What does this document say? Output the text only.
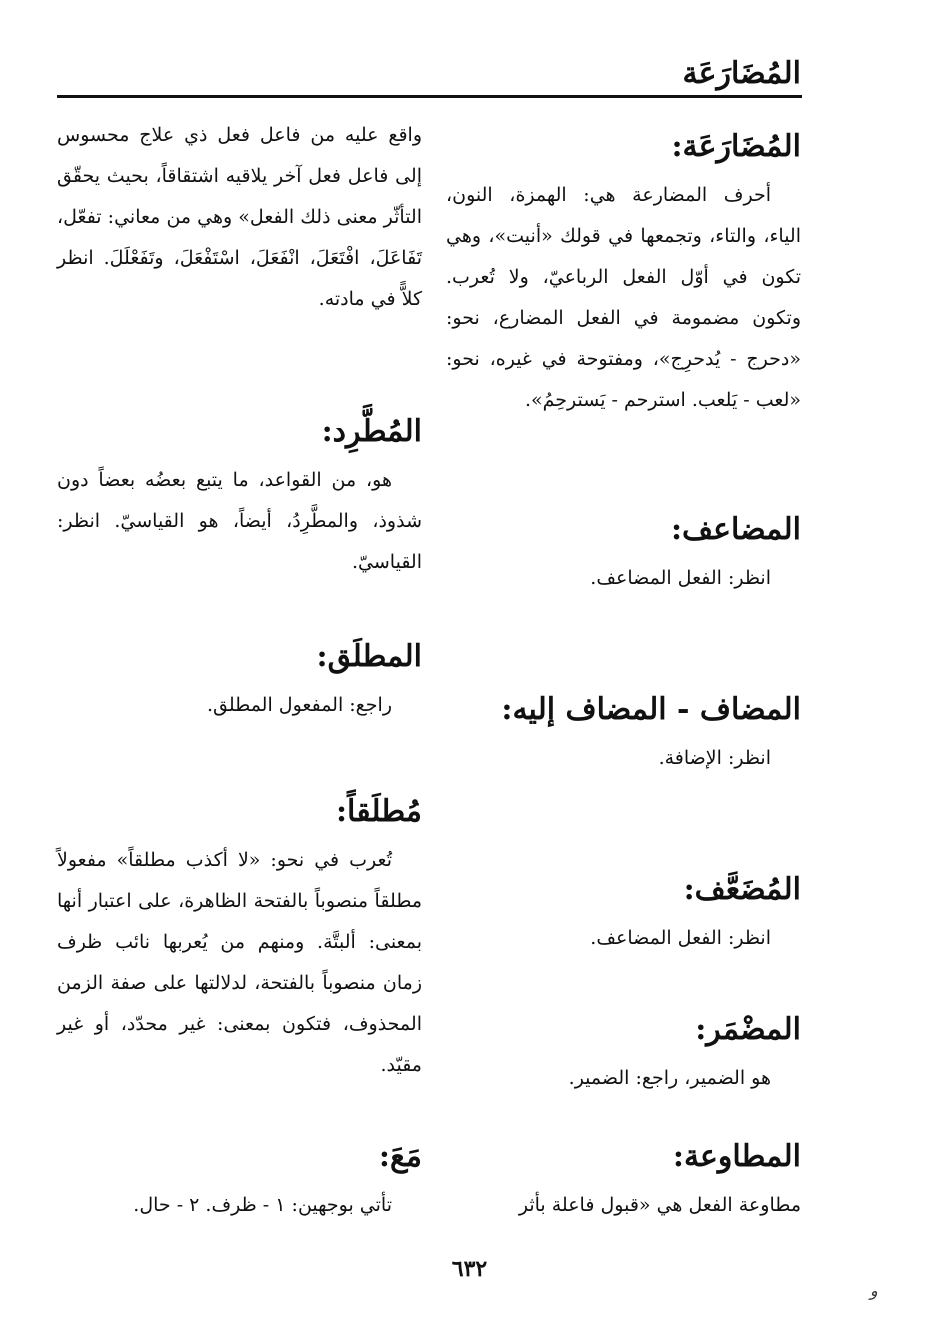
المُضَارَعَة
المُضَارَعَة:
أحرف المضارعة هي: الهمزة، النون، الياء، والتاء، وتجمعها في قولك «أنيت»، وهي تكون في أوّل الفعل الرباعيّ، ولا تُعرب. وتكون مضمومة في الفعل المضارع، نحو: «دحرج - يُدحرِج»، ومفتوحة في غيره، نحو: «لعب - يَلعب. استرحم - يَسترحِمُ».
المضاعف:
انظر: الفعل المضاعف.
المضاف - المضاف إليه:
انظر: الإضافة.
المُضَعَّف:
انظر: الفعل المضاعف.
المضْمَر:
هو الضمير، راجع: الضمير.
المطاوعة:
مطاوعة الفعل هي «قبول فاعلة بأثر
واقع عليه من فاعل فعل ذي علاج محسوس إلى فاعل فعل آخر يلاقيه اشتقاقاً، بحيث يحقّق التأثّر معنى ذلك الفعل» وهي من معاني: تفعّل، تَفَاعَلَ، افْتَعَلَ، انْفَعَلَ، اسْتَفْعَلَ، وتَفَعْلَلَ. انظر كلاًّ في مادته.
المُطَّرِد:
هو، من القواعد، ما يتبع بعضُه بعضاً دون شذوذ، والمطَّرِدُ، أيضاً، هو القياسيّ. انظر: القياسيّ.
المطلَق:
راجع: المفعول المطلق.
مُطلَقاً:
تُعرب في نحو: «لا أكذب مطلقاً» مفعولاً مطلقاً منصوباً بالفتحة الظاهرة، على اعتبار أنها بمعنى: ألبتَّة. ومنهم من يُعربها نائب ظرف زمان منصوباً بالفتحة، لدلالتها على صفة الزمن المحذوف، فتكون بمعنى: غير محدّد، أو غير مقيّد.
مَعَ:
تأتي بوجهين: ١ - ظرف. ٢ - حال.
٦٣٢
و
